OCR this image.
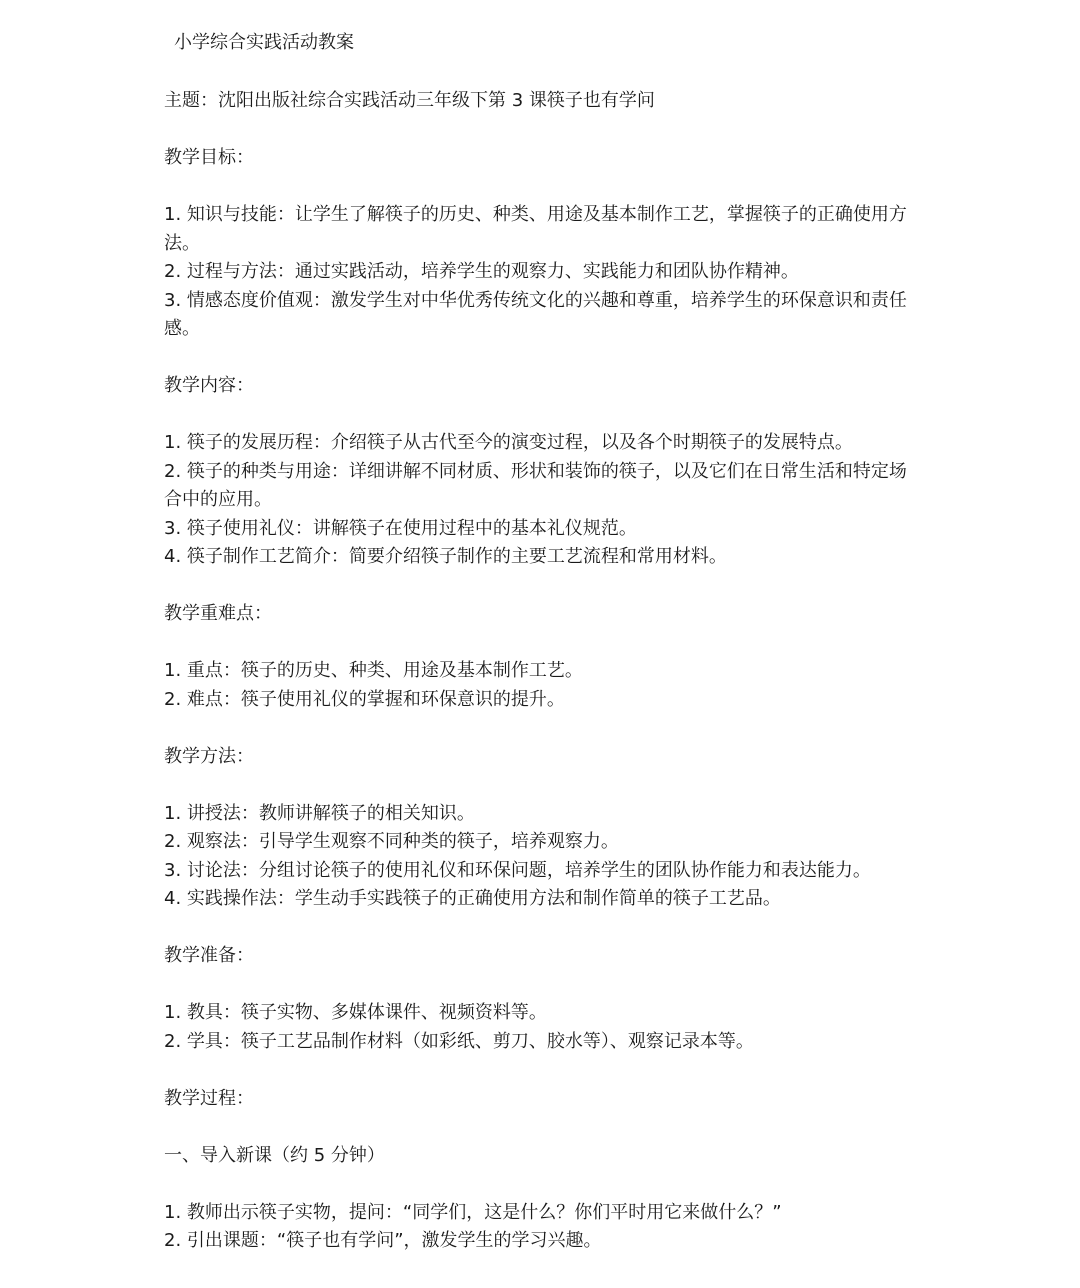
小学综合实践活动教案

主题：沈阳出版社综合实践活动三年级下第 3 课筷子也有学问

教学目标：

1. 知识与技能：让学生了解筷子的历史、种类、用途及基本制作工艺，掌握筷子的正确使用方法。

2. 过程与方法：通过实践活动，培养学生的观察力、实践能力和团队协作精神。

3. 情感态度价值观：激发学生对中华优秀传统文化的兴趣和尊重，培养学生的环保意识和责任感。

教学内容：

1. 筷子的发展历程：介绍筷子从古代至今的演变过程，以及各个时期筷子的发展特点。

2. 筷子的种类与用途：详细讲解不同材质、形状和装饰的筷子，以及它们在日常生活和特定场合中的应用。

3. 筷子使用礼仪：讲解筷子在使用过程中的基本礼仪规范。

4. 筷子制作工艺简介：简要介绍筷子制作的主要工艺流程和常用材料。

教学重难点：

1. 重点：筷子的历史、种类、用途及基本制作工艺。

2. 难点：筷子使用礼仪的掌握和环保意识的提升。

教学方法：

1. 讲授法：教师讲解筷子的相关知识。

2. 观察法：引导学生观察不同种类的筷子，培养观察力。

3. 讨论法：分组讨论筷子的使用礼仪和环保问题，培养学生的团队协作能力和表达能力。

4. 实践操作法：学生动手实践筷子的正确使用方法和制作简单的筷子工艺品。

教学准备：

1. 教具：筷子实物、多媒体课件、视频资料等。

2. 学具：筷子工艺品制作材料（如彩纸、剪刀、胶水等）、观察记录本等。

教学过程：

一、导入新课（约 5 分钟）

1. 教师出示筷子实物，提问：“同学们，这是什么？你们平时用它来做什么？”

2. 引出课题：“筷子也有学问”，激发学生的学习兴趣。
